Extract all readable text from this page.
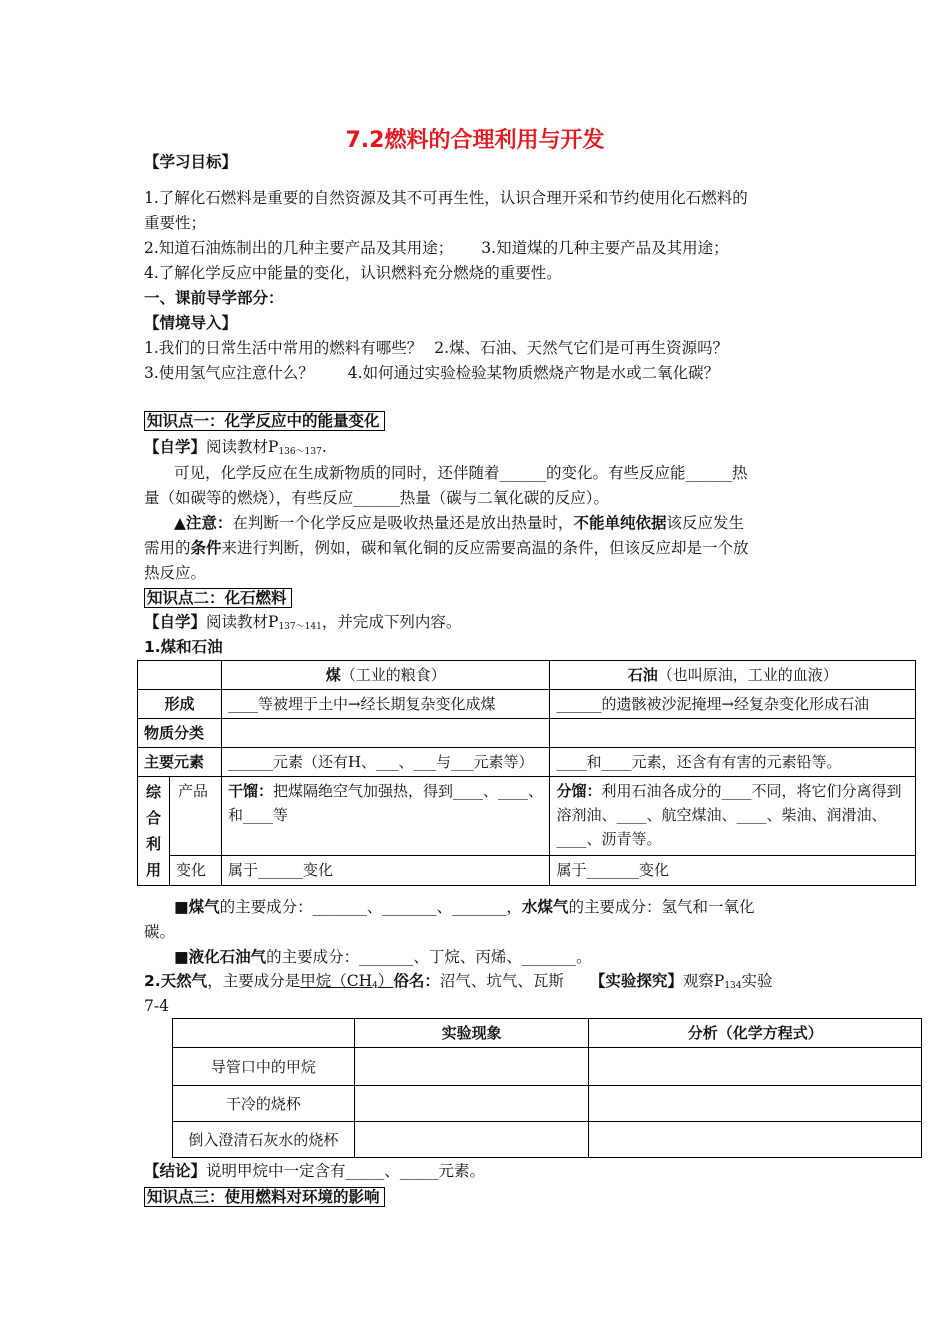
7.2燃料的合理利用与开发
【学习目标】
1.了解化石燃料是重要的自然资源及其不可再生性，认识合理开采和节约使用化石燃料的
重要性；
2.知道石油炼制出的几种主要产品及其用途； 3.知道煤的几种主要产品及其用途；
4.了解化学反应中能量的变化，认识燃料充分燃烧的重要性。
一、课前导学部分：
【情境导入】
1.我们的日常生活中常用的燃料有哪些？ 2.煤、石油、天然气它们是可再生资源吗？
3.使用氢气应注意什么？ 4.如何通过实验检验某物质燃烧产物是水或二氧化碳？
知识点一：化学反应中的能量变化
【自学】阅读教材$P_{136\sim 137}$.
可见，化学反应在生成新物质的同时，还伴随着______的变化。有些反应能______热
量（如碳等的燃烧），有些反应______热量（碳与二氧化碳的反应）。
▲注意：在判断一个化学反应是吸收热量还是放出热量时，不能单纯依据该反应发生
需用的条件来进行判断，例如，碳和氧化铜的反应需要高温的条件，但该反应却是一个放
热反应。
知识点二：化石燃料
【自学】阅读教材$P_{137\sim 141}$，并完成下列内容。
1.煤和石油
		煤（工业的粮食）	石油（也叫原油，工业的血液）
形成		____等被埋于土中→经长期复杂变化成煤	______的遗骸被沙泥掩埋→经复杂变化形成石油
物质分类			
主要元素		______元素（还有H、___、___与___元素等）	____和____元素，还含有有害的元素铅等。
综合利用	产品	干馏：把煤隔绝空气加强热，得到____、____、和____等	分馏：利用石油各成分的____不同，将它们分离得到溶剂油、____、航空煤油、____、柴油、润滑油、____、沥青等。
	变化	属于______变化	属于_______变化
■煤气的主要成分：_______、_______、_______，水煤气的主要成分：氢气和一氧化
碳。
■液化石油气的主要成分：_______、丁烷、丙烯、_______。
2.天然气，主要成分是甲烷$(CH_4)$俗名：沼气、坑气、瓦斯 【实验探究】观察$P_{134}$实验
7-4
	实验现象	分析（化学方程式）
导管口中的甲烷		
干冷的烧杯		
倒入澄清石灰水的烧杯		
【结论】说明甲烷中一定含有_____、_____元素。
知识点三：使用燃料对环境的影响
